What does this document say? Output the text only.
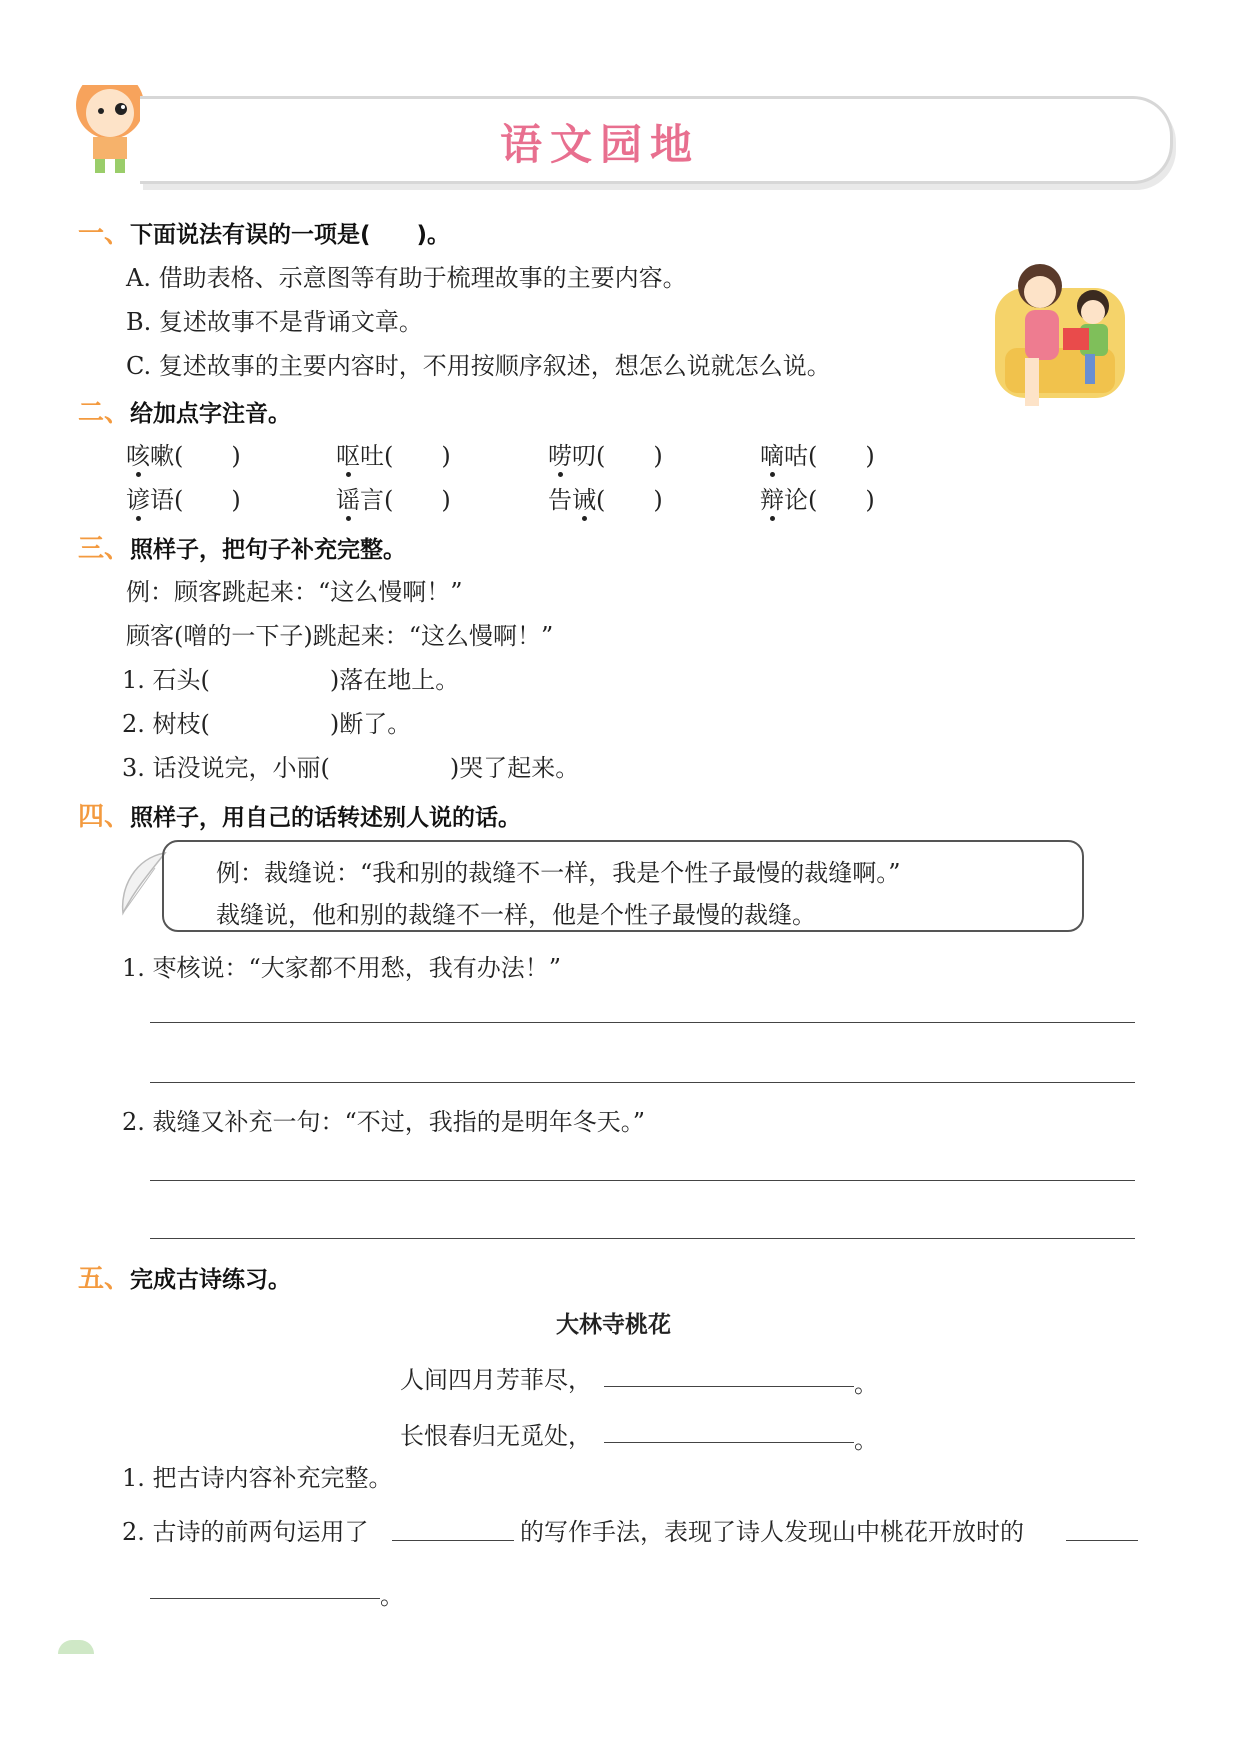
语文园地
一、下面说法有误的一项是(　　)。
A. 借助表格、示意图等有助于梳理故事的主要内容。
B. 复述故事不是背诵文章。
C. 复述故事的主要内容时，不用按顺序叙述，想怎么说就怎么说。
二、给加点字注音。
咳嗽(　　)	呕吐(　　)	唠叨(　　)	嘀咕(　　)
谚语(　　)	谣言(　　)	告诫(　　)	辩论(　　)
三、照样子，把句子补充完整。
例：顾客跳起来：“这么慢啊！”
顾客(噌的一下子)跳起来：“这么慢啊！”
1. 石头(　　　　　)落在地上。
2. 树枝(　　　　　)断了。
3. 话没说完，小丽(　　　　　)哭了起来。
四、照样子，用自己的话转述别人说的话。
例：裁缝说：“我和别的裁缝不一样，我是个性子最慢的裁缝啊。”
裁缝说，他和别的裁缝不一样，他是个性子最慢的裁缝。
1. 枣核说：“大家都不用愁，我有办法！”
2. 裁缝又补充一句：“不过，我指的是明年冬天。”
五、完成古诗练习。
大林寺桃花
人间四月芳菲尽，	。
长恨春归无觅处，	。
1. 把古诗内容补充完整。
2. 古诗的前两句运用了	的写作手法，表现了诗人发现山中桃花开放时的
。
